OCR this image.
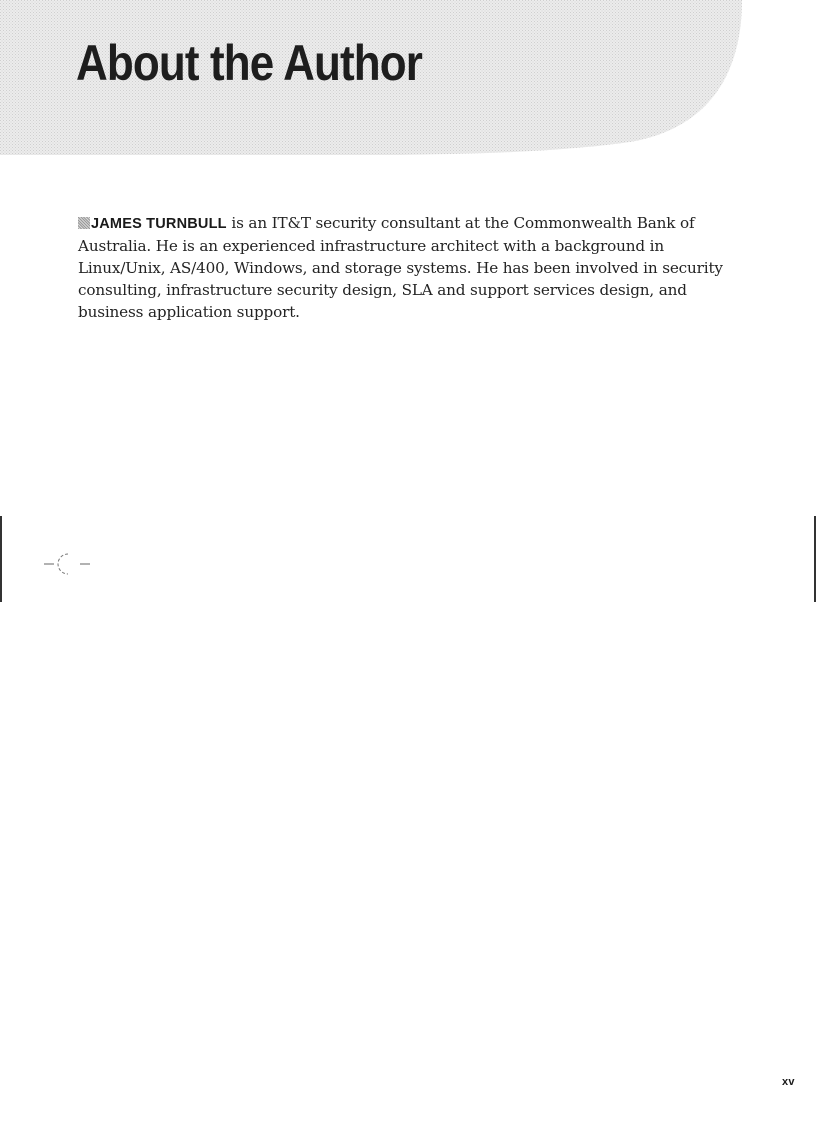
About the Author

JAMES TURNBULL is an IT&T security consultant at the Commonwealth Bank of Australia. He is an experienced infrastructure architect with a background in Linux/Unix, AS/400, Windows, and storage systems. He has been involved in security consulting, infrastructure security design, SLA and support services design, and business application support.

xv
